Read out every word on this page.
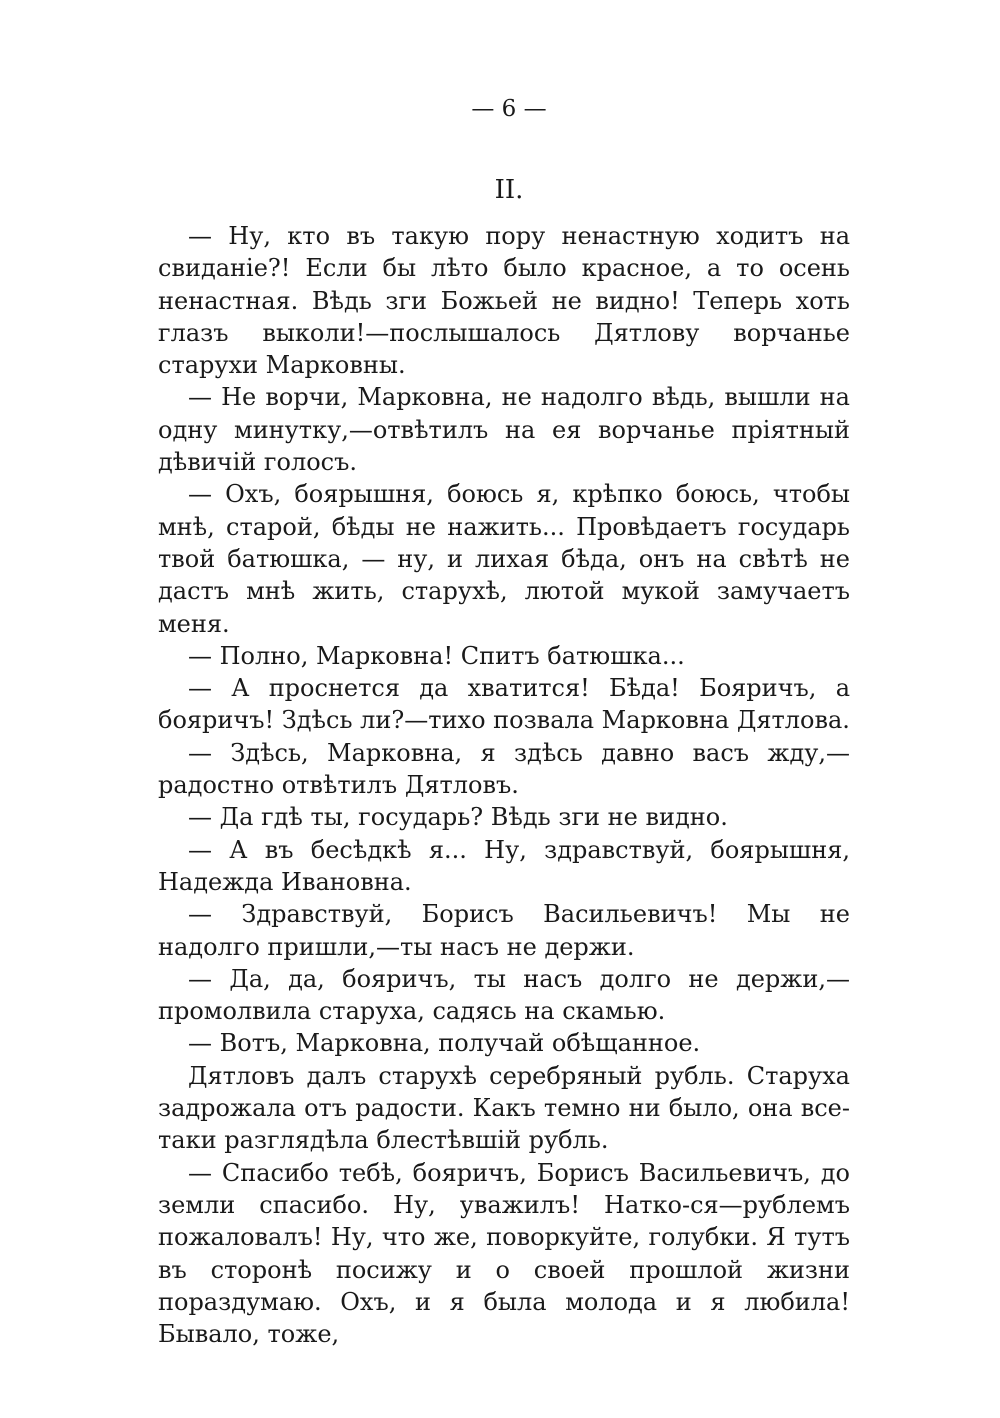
— 6 —
II.

— Ну, кто въ такую пору ненастную ходитъ на свиданіе?! Если бы лѣто было красное, а то осень ненастная. Вѣдь зги Божьей не видно! Теперь хоть глазъ выколи!—послышалось Дятлову ворчанье старухи Марковны.

— Не ворчи, Марковна, не надолго вѣдь, вышли на одну минутку,—отвѣтилъ на ея ворчанье пріятный дѣвичій голосъ.

— Охъ, боярышня, боюсь я, крѣпко боюсь, чтобы мнѣ, старой, бѣды не нажить... Провѣдаетъ государь твой батюшка, — ну, и лихая бѣда, онъ на свѣтѣ не дастъ мнѣ жить, старухѣ, лютой мукой замучаетъ меня.

— Полно, Марковна! Спитъ батюшка...

— А проснется да хватится! Бѣда! Бояричъ, а бояричъ! Здѣсь ли?—тихо позвала Марковна Дятлова.

— Здѣсь, Марковна, я здѣсь давно васъ жду,— радостно отвѣтилъ Дятловъ.

— Да гдѣ ты, государь? Вѣдь зги не видно.

— А въ бесѣдкѣ я... Ну, здравствуй, боярышня, Надежда Ивановна.

— Здравствуй, Борисъ Васильевичъ! Мы не надолго пришли,—ты насъ не держи.

— Да, да, бояричъ, ты насъ долго не держи,— промолвила старуха, садясь на скамью.

— Вотъ, Марковна, получай обѣщанное.

Дятловъ далъ старухѣ серебряный рубль. Старуха задрожала отъ радости. Какъ темно ни было, она все-таки разглядѣла блестѣвшій рубль.

— Спасибо тебѣ, бояричъ, Борисъ Васильевичъ, до земли спасибо. Ну, уважилъ! Натко-ся—рублемъ пожаловалъ! Ну, что же, поворкуйте, голубки. Я тутъ въ сторонѣ посижу и о своей прошлой жизни пораздумаю. Охъ, и я была молода и я любила! Бывало, тоже,
